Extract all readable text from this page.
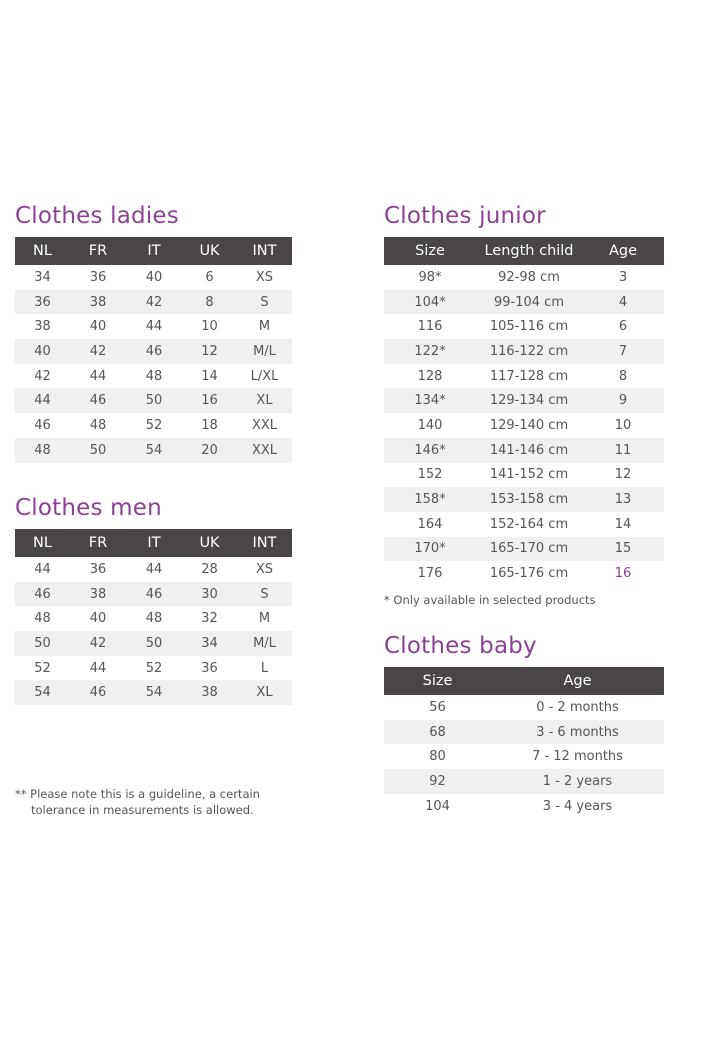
Clothes ladies
NL	FR	IT	UK	INT
34	36	40	6	XS
36	38	42	8	S
38	40	44	10	M
40	42	46	12	M/L
42	44	48	14	L/XL
44	46	50	16	XL
46	48	52	18	XXL
48	50	54	20	XXL
Clothes men
NL	FR	IT	UK	INT
44	36	44	28	XS
46	38	46	30	S
48	40	48	32	M
50	42	50	34	M/L
52	44	52	36	L
54	46	54	38	XL
** Please note this is a guideline, a certain
tolerance in measurements is allowed.
Clothes junior
Size	Length child	Age
98*	92-98 cm	3
104*	99-104 cm	4
116	105-116 cm	6
122*	116-122 cm	7
128	117-128 cm	8
134*	129-134 cm	9
140	129-140 cm	10
146*	141-146 cm	11
152	141-152 cm	12
158*	153-158 cm	13
164	152-164 cm	14
170*	165-170 cm	15
176	165-176 cm	16
* Only available in selected products
Clothes baby
Size	Age
56	0 - 2 months
68	3 - 6 months
80	7 - 12 months
92	1 - 2 years
104	3 - 4 years
